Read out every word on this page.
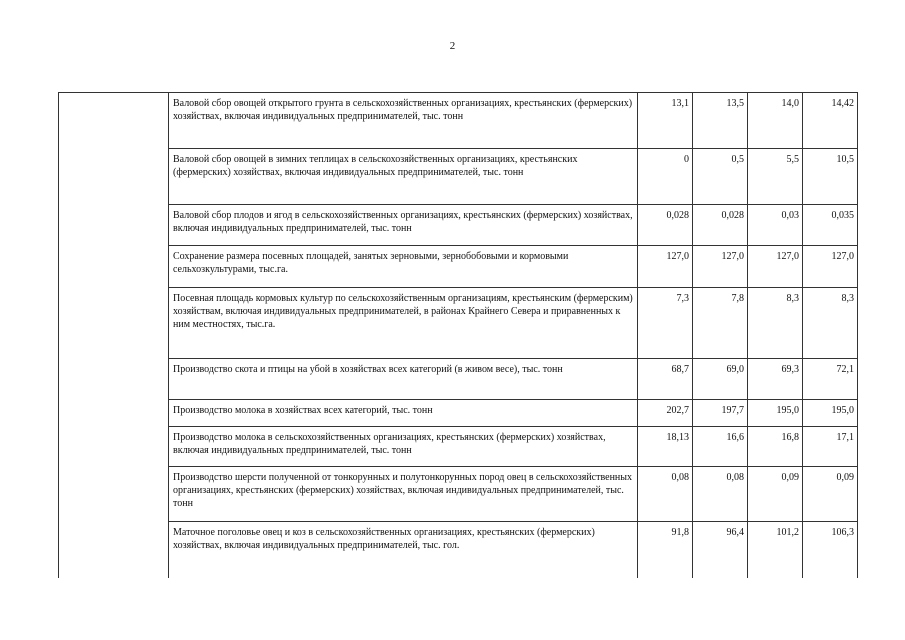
2
	Валовой сбор овощей открытого грунта в сельскохозяйственных организациях, крестьянских (фермерских) хозяйствах, включая индивидуальных предпринимателей, тыс. тонн	13,1	13,5	14,0	14,42
	Валовой сбор овощей в зимних теплицах в сельскохозяйственных организациях, крестьянских (фермерских) хозяйствах, включая индивидуальных предпринимателей, тыс. тонн	0	0,5	5,5	10,5
	Валовой сбор плодов и ягод в сельскохозяйственных организациях, крестьянских (фермерских) хозяйствах, включая индивидуальных предпринимателей, тыс. тонн	0,028	0,028	0,03	0,035
	Сохранение размера посевных площадей, занятых зерновыми, зернобобовыми и кормовыми сельхозкультурами, тыс.га.	127,0	127,0	127,0	127,0
	Посевная площадь кормовых культур по сельскохозяйственным организациям, крестьянским (фермерским) хозяйствам, включая индивидуальных предпринимателей, в районах Крайнего Севера и приравненных к ним местностях, тыс.га.	7,3	7,8	8,3	8,3
	Производство скота и птицы на убой в хозяйствах всех категорий (в живом весе), тыс. тонн	68,7	69,0	69,3	72,1
	Производство молока в хозяйствах всех категорий, тыс. тонн	202,7	197,7	195,0	195,0
	Производство молока в сельскохозяйственных организациях, крестьянских (фермерских) хозяйствах, включая индивидуальных предпринимателей, тыс. тонн	18,13	16,6	16,8	17,1
	Производство шерсти полученной от тонкорунных и полутонкорунных пород овец в сельскохозяйственных организациях, крестьянских (фермерских) хозяйствах, включая индивидуальных предпринимателей, тыс. тонн	0,08	0,08	0,09	0,09
	Маточное поголовье овец и коз в сельскохозяйственных организациях, крестьянских (фермерских) хозяйствах, включая индивидуальных предпринимателей, тыс. гол.	91,8	96,4	101,2	106,3
